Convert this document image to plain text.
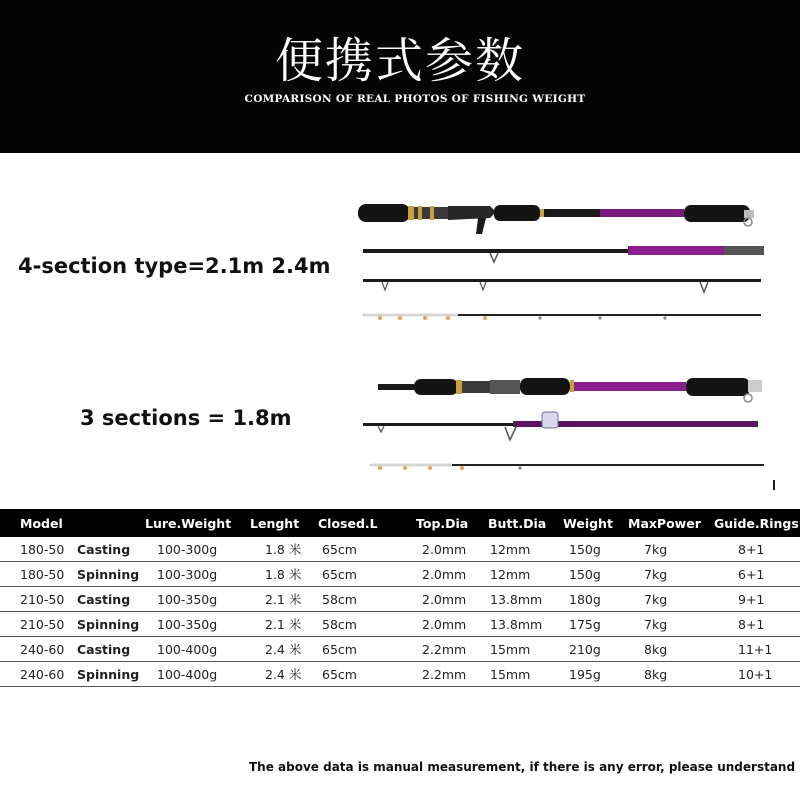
便携式参数
COMPARISON OF REAL PHOTOS OF FISHING WEIGHT
4-section type=2.1m 2.4m
3 sections = 1.8m
Model		Lure.Weight	Lenght	Closed.L	Top.Dia	Butt.Dia	Weight	MaxPower	Guide.Rings
180-50	Casting	100-300g	1.8 米	65cm	2.0mm	12mm	150g	7kg	8+1
180-50	Spinning	100-300g	1.8 米	65cm	2.0mm	12mm	150g	7kg	6+1
210-50	Casting	100-350g	2.1 米	58cm	2.0mm	13.8mm	180g	7kg	9+1
210-50	Spinning	100-350g	2.1 米	58cm	2.0mm	13.8mm	175g	7kg	8+1
240-60	Casting	100-400g	2.4 米	65cm	2.2mm	15mm	210g	8kg	11+1
240-60	Spinning	100-400g	2.4 米	65cm	2.2mm	15mm	195g	8kg	10+1
The above data is manual measurement, if there is any error, please understand
